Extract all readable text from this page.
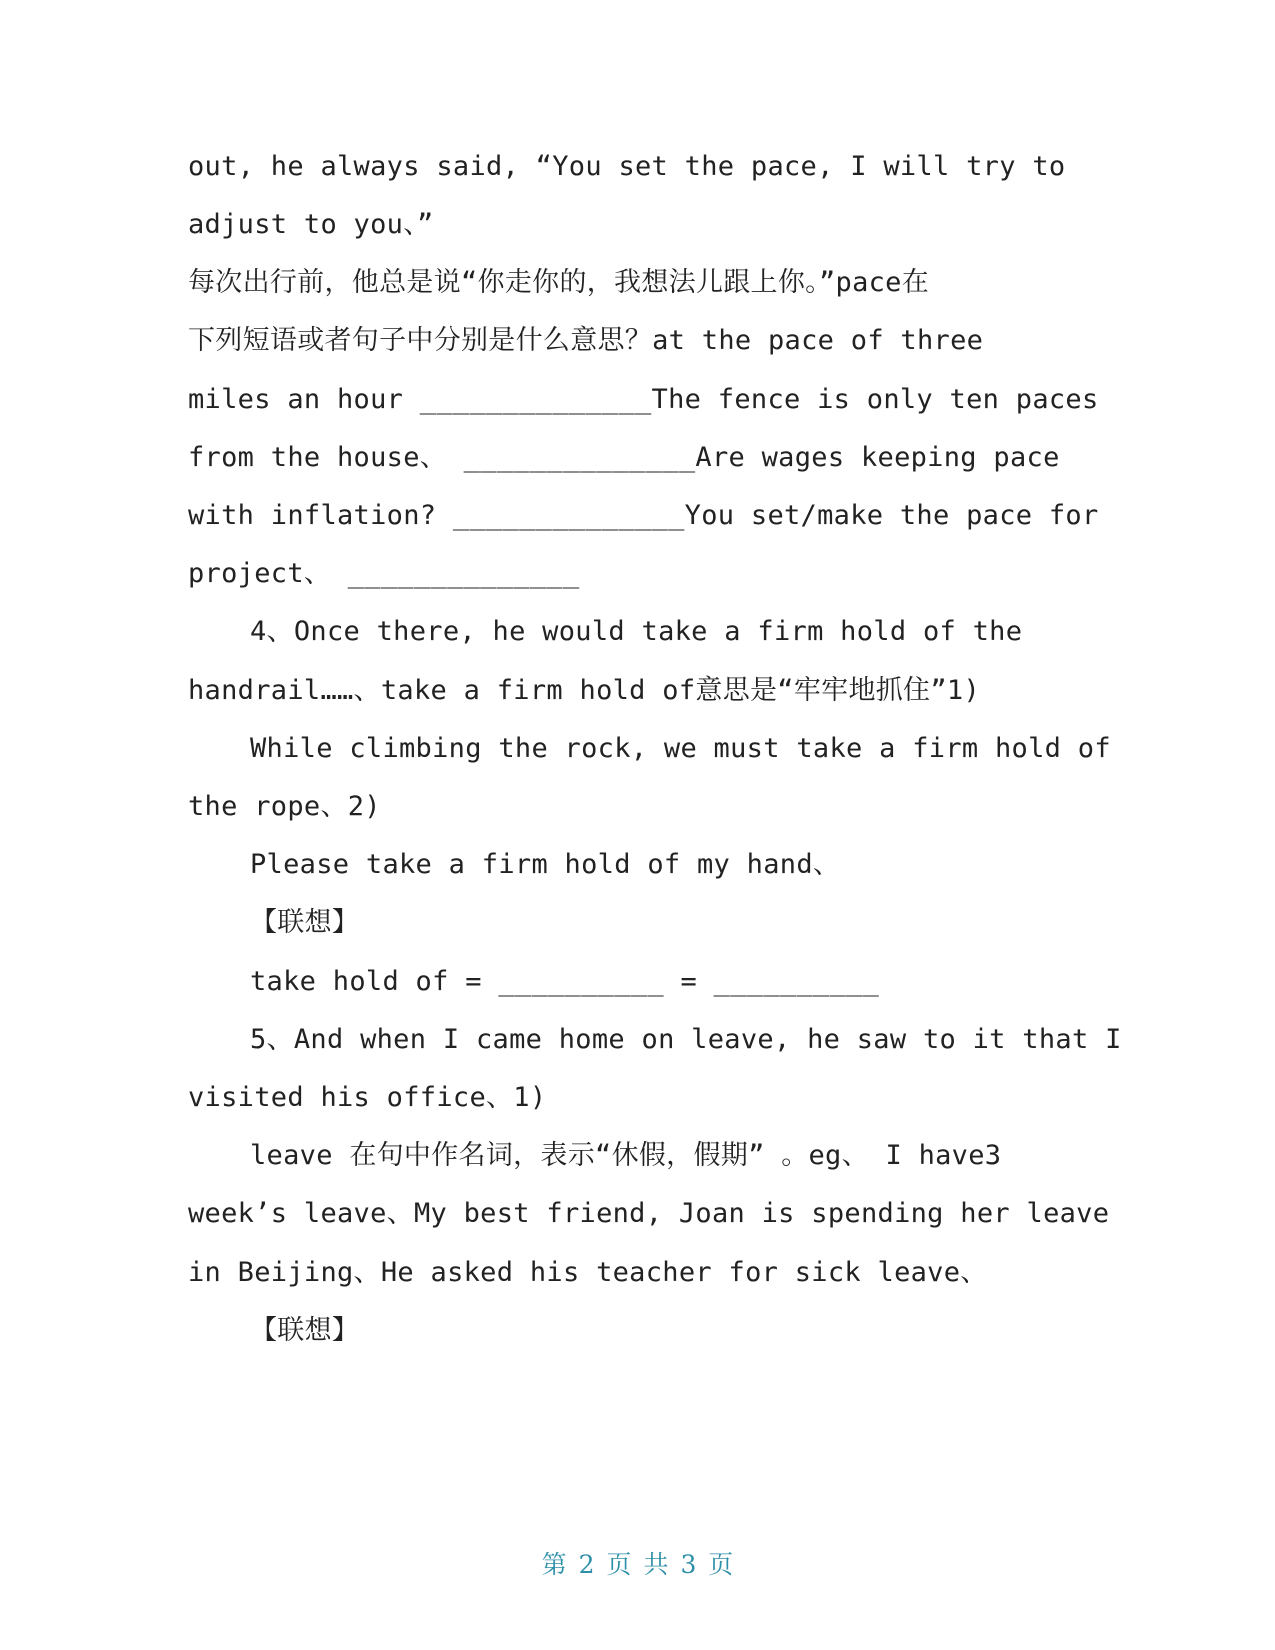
out, he always said, “You set the pace, I will try to
adjust to you、”
每次出行前，他总是说“你走你的，我想法儿跟上你。”pace在
下列短语或者句子中分别是什么意思？at the pace of three
miles an hour ______________The fence is only ten paces
from the house、 ______________Are wages keeping pace
with inflation? ______________You set/make the pace for
project、 ______________
4、Once there, he would take a firm hold of the
handrail……、take a firm hold of意思是“牢牢地抓住”1)
While climbing the rock, we must take a firm hold of
the rope、2)
Please take a firm hold of my hand、
【联想】
take hold of = __________ = __________
5、And when I came home on leave, he saw to it that I
visited his office、1)
leave 在句中作名词，表示“休假，假期” 。eg、 I have3
week’s leave、My best friend, Joan is spending her leave
in Beijing、He asked his teacher for sick leave、
【联想】
第 2 页 共 3 页
